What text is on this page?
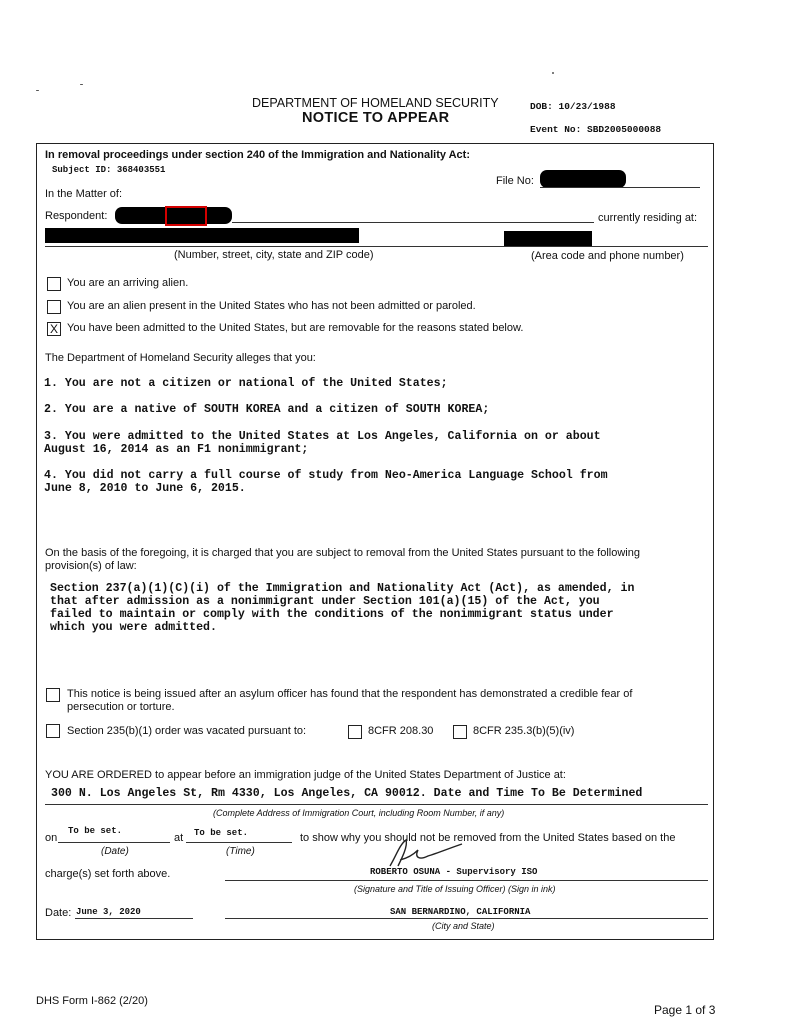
DEPARTMENT OF HOMELAND SECURITY
NOTICE TO APPEAR
DOB: 10/23/1988
Event No: SBD2005000088
In removal proceedings under section 240 of the Immigration and Nationality Act:
Subject ID: 368403551
File No:
In the Matter of:
Respondent:	currently residing at:
(Number, street, city, state and ZIP code)	(Area code and phone number)
You are an arriving alien.
You are an alien present in the United States who has not been admitted or paroled.
X You have been admitted to the United States, but are removable for the reasons stated below.
The Department of Homeland Security alleges that you:
1. You are not a citizen or national of the United States;
2. You are a native of SOUTH KOREA and a citizen of SOUTH KOREA;
3. You were admitted to the United States at Los Angeles, California on or about
August 16, 2014 as an F1 nonimmigrant;
4. You did not carry a full course of study from Neo-America Language School from
June 8, 2010 to June 6, 2015.
On the basis of the foregoing, it is charged that you are subject to removal from the United States pursuant to the following provision(s) of law:
Section 237(a)(1)(C)(i) of the Immigration and Nationality Act (Act), as amended, in
that after admission as a nonimmigrant under Section 101(a)(15) of the Act, you
failed to maintain or comply with the conditions of the nonimmigrant status under
which you were admitted.
This notice is being issued after an asylum officer has found that the respondent has demonstrated a credible fear of persecution or torture.
Section 235(b)(1) order was vacated pursuant to:	8CFR 208.30	8CFR 235.3(b)(5)(iv)
YOU ARE ORDERED to appear before an immigration judge of the United States Department of Justice at:
300 N. Los Angeles St, Rm 4330, Los Angeles, CA 90012. Date and Time To Be Determined
(Complete Address of Immigration Court, including Room Number, if any)
on
To be set.
(Date)
at To be set.
(Time)
to show why you should not be removed from the United States based on the
charge(s) set forth above.	ROBERTO OSUNA - Supervisory ISO
(Signature and Title of Issuing Officer) (Sign in ink)
Date: June 3, 2020	SAN BERNARDINO, CALIFORNIA
(City and State)
DHS Form I-862 (2/20)
Page 1 of 3
